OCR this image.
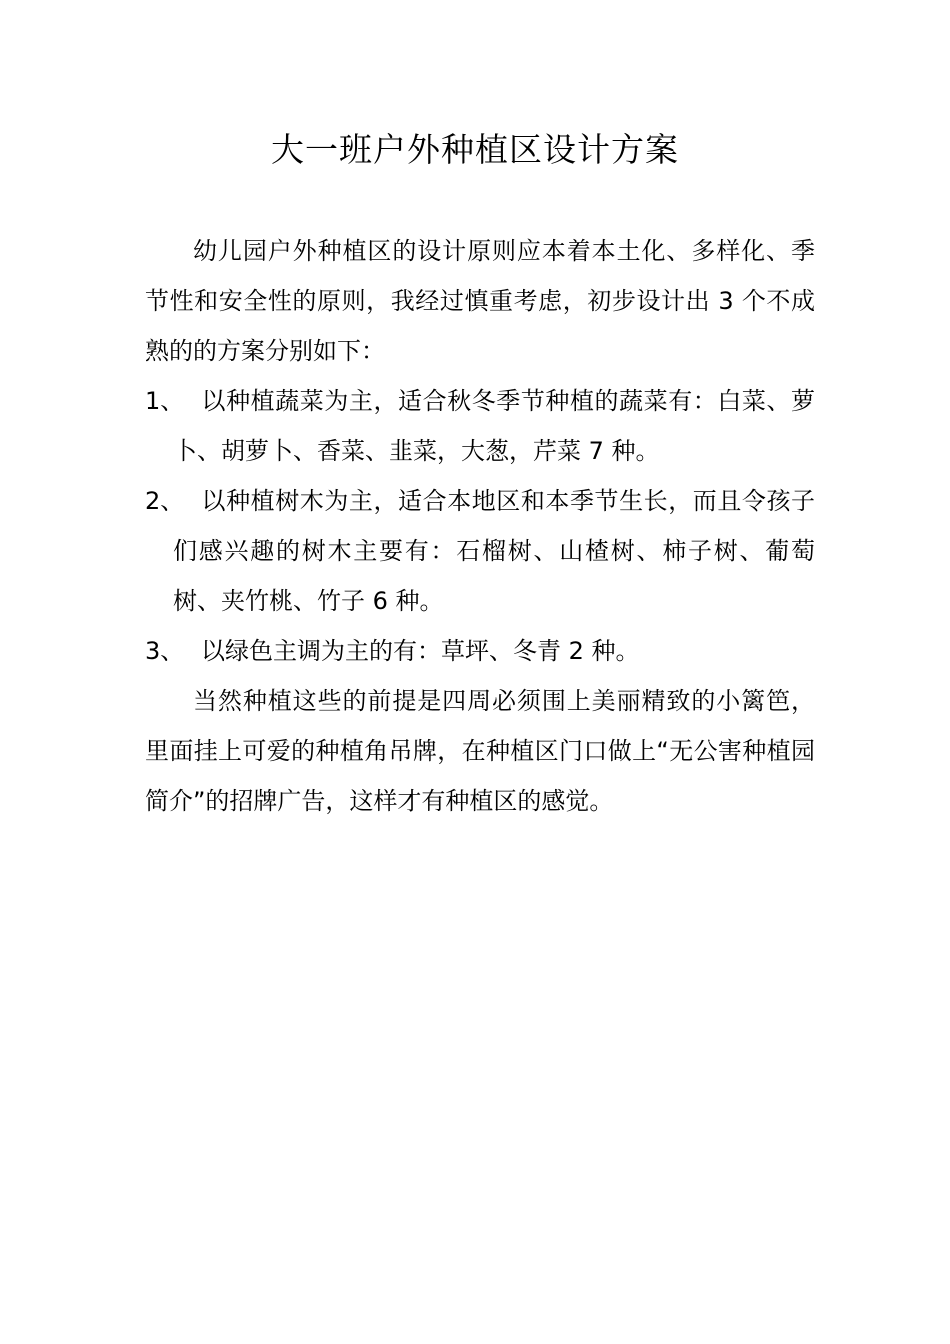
大一班户外种植区设计方案

幼儿园户外种植区的设计原则应本着本土化、多样化、季节性和安全性的原则，我经过慎重考虑，初步设计出 3 个不成熟的的方案分别如下：

1、 以种植蔬菜为主，适合秋冬季节种植的蔬菜有：白菜、萝卜、胡萝卜、香菜、韭菜，大葱，芹菜 7 种。
2、 以种植树木为主，适合本地区和本季节生长，而且令孩子们感兴趣的树木主要有：石榴树、山楂树、柿子树、葡萄树、夹竹桃、竹子 6 种。
3、 以绿色主调为主的有：草坪、冬青 2 种。

当然种植这些的前提是四周必须围上美丽精致的小篱笆，里面挂上可爱的种植角吊牌，在种植区门口做上“无公害种植园简介”的招牌广告，这样才有种植区的感觉。
